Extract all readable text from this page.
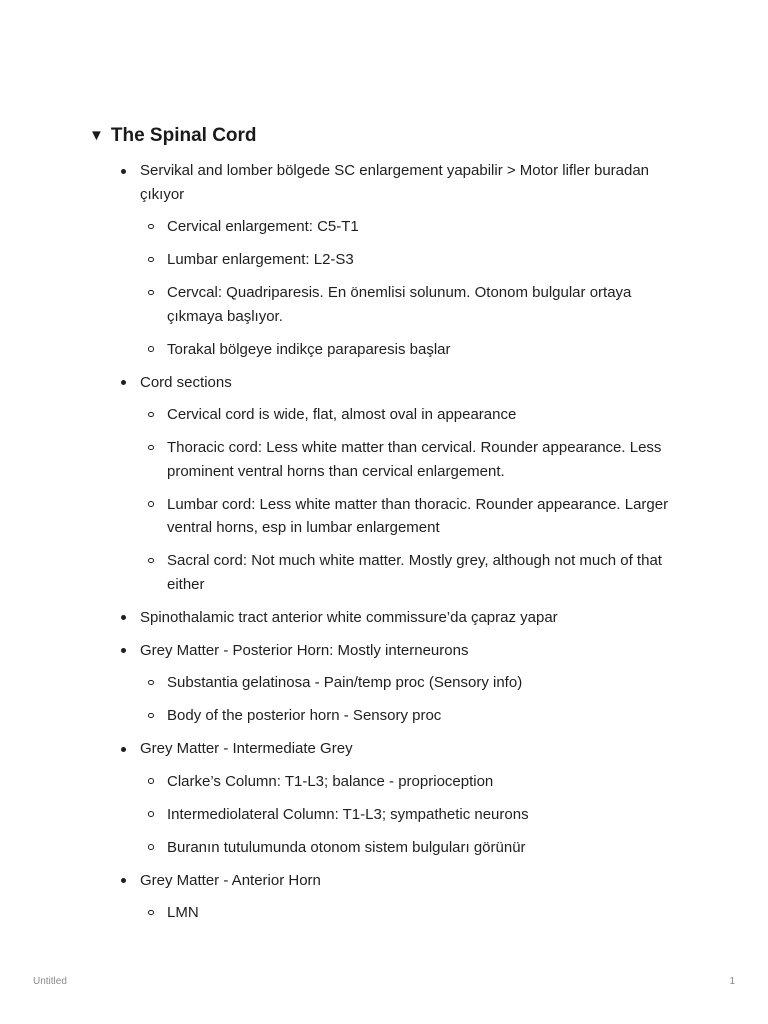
▼ The Spinal Cord
Servikal and lomber bölgede SC enlargement yapabilir > Motor lifler buradan çıkıyor
Cervical enlargement: C5-T1
Lumbar enlargement: L2-S3
Cervcal: Quadriparesis. En önemlisi solunum. Otonom bulgular ortaya çıkmaya başlıyor.
Torakal bölgeye indikçe paraparesis başlar
Cord sections
Cervical cord is wide, flat, almost oval in appearance
Thoracic cord: Less white matter than cervical. Rounder appearance. Less prominent ventral horns than cervical enlargement.
Lumbar cord: Less white matter than thoracic. Rounder appearance. Larger ventral horns, esp in lumbar enlargement
Sacral cord: Not much white matter. Mostly grey, although not much of that either
Spinothalamic tract anterior white commissure’da çapraz yapar
Grey Matter - Posterior Horn: Mostly interneurons
Substantia gelatinosa - Pain/temp proc (Sensory info)
Body of the posterior horn - Sensory proc
Grey Matter - Intermediate Grey
Clarke’s Column: T1-L3; balance - proprioception
Intermediolateral Column: T1-L3; sympathetic neurons
Buranın tutulumunda otonom sistem bulguları görünür
Grey Matter - Anterior Horn
LMN
Untitled	1
